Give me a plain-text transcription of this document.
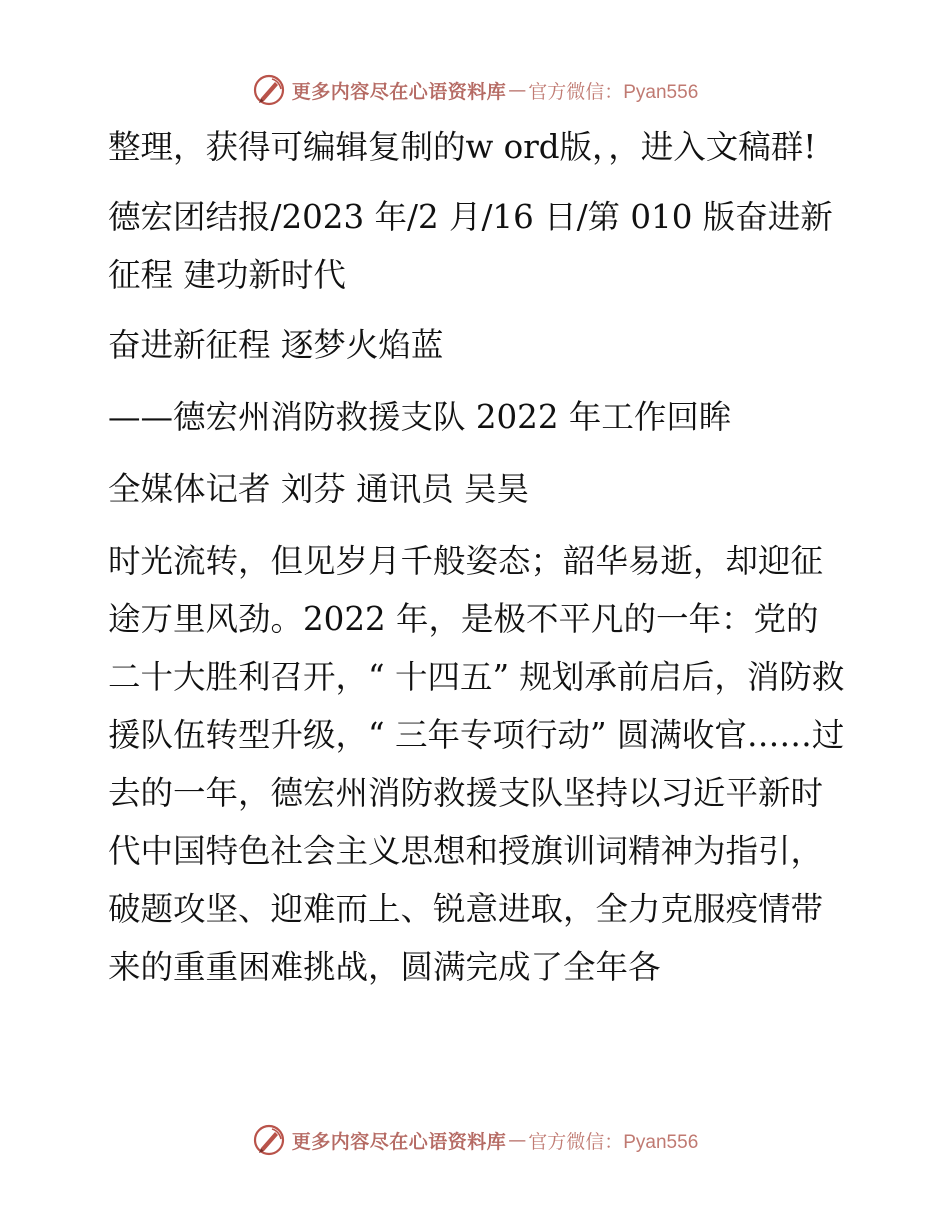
更多内容尽在心语资料库 — 官方微信：Pyan556

整理，获得可编辑复制的w ord版，，进入文稿群!

德宏团结报/2023 年/2 月/16 日/第 010 版奋进新征程 建功新时代

奋进新征程 逐梦火焰蓝

——德宏州消防救援支队 2022 年工作回眸

全媒体记者 刘芬 通讯员 吴昊

时光流转，但见岁月千般姿态；韶华易逝，却迎征途万里风劲。2022 年，是极不平凡的一年：党的二十大胜利召开，“ 十四五” 规划承前启后，消防救援队伍转型升级，“ 三年专项行动” 圆满收官……过去的一年，德宏州消防救援支队坚持以习近平新时代中国特色社会主义思想和授旗训词精神为指引，破题攻坚、迎难而上、锐意进取，全力克服疫情带来的重重困难挑战，圆满完成了全年各

更多内容尽在心语资料库 — 官方微信：Pyan556
